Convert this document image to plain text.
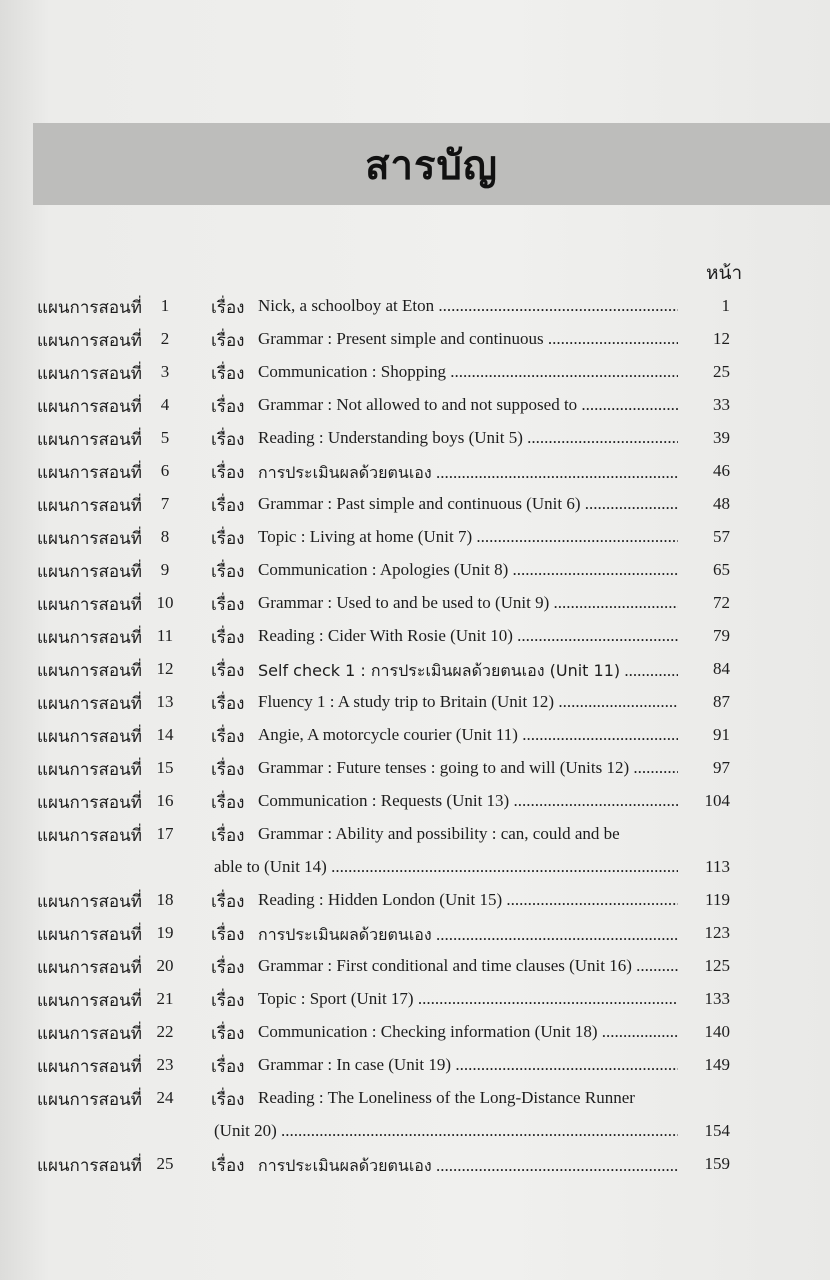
สารบัญ
หน้า
แผนการสอนที่	1	เรื่อง Nick, a schoolboy at Eton .....	1
แผนการสอนที่	2	เรื่อง Grammar : Present simple and continuous .....	12
แผนการสอนที่	3	เรื่อง Communication : Shopping .....	25
แผนการสอนที่	4	เรื่อง Grammar : Not allowed to and not supposed to .....	33
แผนการสอนที่	5	เรื่อง Reading : Understanding boys (Unit 5) .....	39
แผนการสอนที่	6	เรื่อง การประเมินผลด้วยตนเอง .....	46
แผนการสอนที่	7	เรื่อง Grammar : Past simple and continuous (Unit 6) .....	48
แผนการสอนที่	8	เรื่อง Topic : Living at home (Unit 7) .....	57
แผนการสอนที่	9	เรื่อง Communication : Apologies (Unit 8) .....	65
แผนการสอนที่ 10	เรื่อง Grammar : Used to and be used to (Unit 9) .....	72
แผนการสอนที่ 11	เรื่อง Reading : Cider With Rosie (Unit 10) .....	79
แผนการสอนที่ 12	เรื่อง Self check 1 : การประเมินผลด้วยตนเอง (Unit 11) .....	84
แผนการสอนที่ 13	เรื่อง Fluency 1 : A study trip to Britain (Unit 12) .....	87
แผนการสอนที่ 14	เรื่อง Angie, A motorcycle courier (Unit 11) .....	91
แผนการสอนที่ 15	เรื่อง Grammar : Future tenses : going to and will (Units 12) .....	97
แผนการสอนที่ 16	เรื่อง Communication : Requests (Unit 13) .....	104
แผนการสอนที่ 17	เรื่อง Grammar : Ability and possibility : can, could and be
able to (Unit 14) .....	113
แผนการสอนที่ 18	เรื่อง Reading : Hidden London (Unit 15) .....	119
แผนการสอนที่ 19	เรื่อง การประเมินผลด้วยตนเอง .....	123
แผนการสอนที่ 20	เรื่อง Grammar : First conditional and time clauses (Unit 16) .....	125
แผนการสอนที่ 21	เรื่อง Topic : Sport (Unit 17) .....	133
แผนการสอนที่ 22	เรื่อง Communication : Checking information (Unit 18) .....	140
แผนการสอนที่ 23	เรื่อง Grammar : In case (Unit 19) .....	149
แผนการสอนที่ 24	เรื่อง Reading : The Loneliness of the Long-Distance Runner
(Unit 20) .....	154
แผนการสอนที่ 25	เรื่อง การประเมินผลด้วยตนเอง .....	159
